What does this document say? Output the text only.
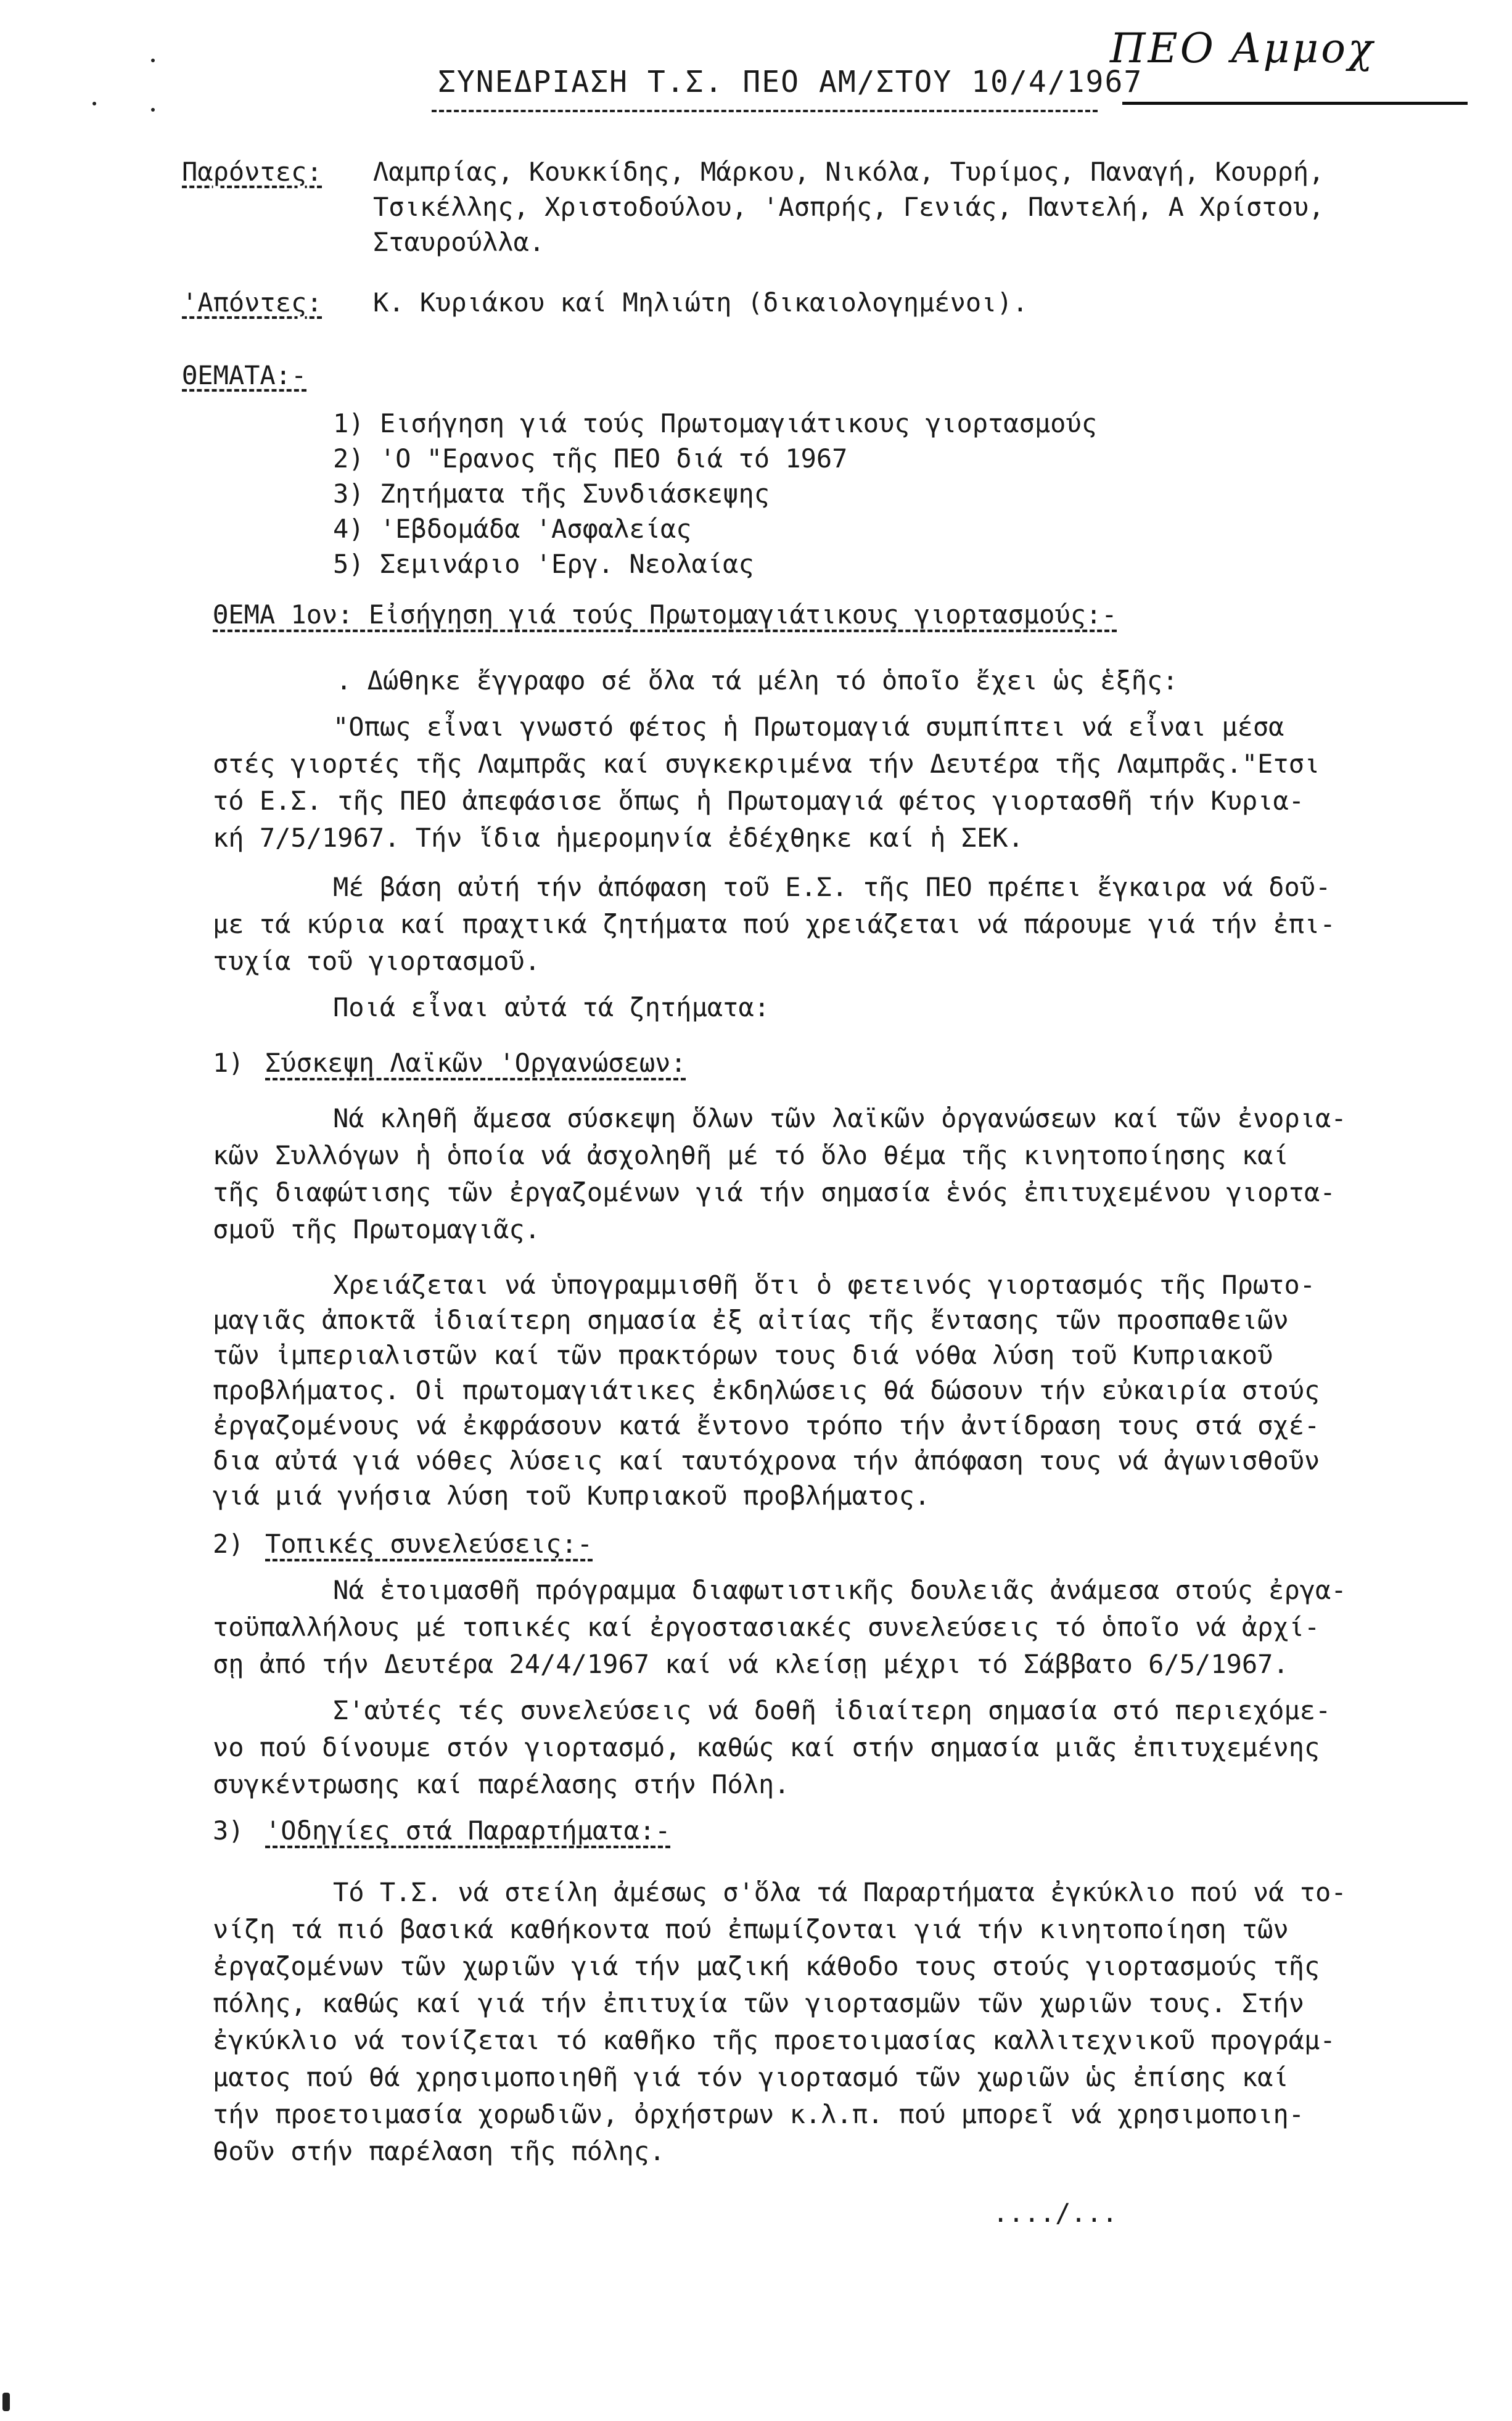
ΠΕΟ Αμμοχ
ΣΥΝΕΔΡΙΑΣΗ Τ.Σ. ΠΕΟ ΑΜ/ΣΤΟΥ 10/4/1967
Παρόντες: Λαμπρίας, Κουκκίδης, Μάρκου, Νικόλα, Τυρίμος, Παναγή, Κουρρή,
Τσικέλλης, Χριστοδούλου, 'Ασπρής, Γενιάς, Παντελή, Α Χρίστου,
Σταυρούλλα.
'Απόντες: Κ. Κυριάκου καί Μηλιώτη (δικαιολογημένοι).
ΘΕΜΑΤΑ:-
1) Εισήγηση γιά τούς Πρωτομαγιάτικους γιορτασμούς
2) 'Ο "Ερανος τῆς ΠΕΟ διά τό 1967
3) Ζητήματα τῆς Συνδιάσκεψης
4) 'Εβδομάδα 'Ασφαλείας
5) Σεμινάριο 'Εργ. Νεολαίας
ΘΕΜΑ 1ον: Εἰσήγηση γιά τούς Πρωτομαγιάτικους γιορτασμούς:-
. Δώθηκε ἔγγραφο σέ ὅλα τά μέλη τό ὁποῖο ἔχει ὡς ἑξῆς:
"Οπως εἶναι γνωστό φέτος ἡ Πρωτομαγιά συμπίπτει νά εἶναι μέσα
στές γιορτές τῆς Λαμπρᾶς καί συγκεκριμένα τήν Δευτέρα τῆς Λαμπρᾶς."Ετσι
τό Ε.Σ. τῆς ΠΕΟ ἀπεφάσισε ὅπως ἡ Πρωτομαγιά φέτος γιορτασθῆ τήν Κυρια-
κή 7/5/1967. Τήν ἴδια ἡμερομηνία ἐδέχθηκε καί ἡ ΣΕΚ.
Μέ βάση αὐτή τήν ἀπόφαση τοῦ Ε.Σ. τῆς ΠΕΟ πρέπει ἔγκαιρα νά δοῦ-
με τά κύρια καί πραχτικά ζητήματα πού χρειάζεται νά πάρουμε γιά τήν ἐπι-
τυχία τοῦ γιορτασμοῦ.
Ποιά εἶναι αὐτά τά ζητήματα:
1) Σύσκεψη Λαϊκῶν 'Οργανώσεων:
Νά κληθῆ ἄμεσα σύσκεψη ὅλων τῶν λαϊκῶν ὀργανώσεων καί τῶν ἐνορια-
κῶν Συλλόγων ἡ ὁποία νά ἀσχοληθῆ μέ τό ὅλο θέμα τῆς κινητοποίησης καί
τῆς διαφώτισης τῶν ἐργαζομένων γιά τήν σημασία ἑνός ἐπιτυχεμένου γιορτα-
σμοῦ τῆς Πρωτομαγιᾶς.
Χρειάζεται νά ὑπογραμμισθῆ ὅτι ὁ φετεινός γιορτασμός τῆς Πρωτο-
μαγιᾶς ἀποκτᾶ ἰδιαίτερη σημασία ἐξ αἰτίας τῆς ἔντασης τῶν προσπαθειῶν
τῶν ἰμπεριαλιστῶν καί τῶν πρακτόρων τους διά νόθα λύση τοῦ Κυπριακοῦ
προβλήματος. Οἱ πρωτομαγιάτικες ἐκδηλώσεις θά δώσουν τήν εὐκαιρία στούς
ἐργαζομένους νά ἐκφράσουν κατά ἔντονο τρόπο τήν ἀντίδραση τους στά σχέ-
δια αὐτά γιά νόθες λύσεις καί ταυτόχρονα τήν ἀπόφαση τους νά ἀγωνισθοῦν
γιά μιά γνήσια λύση τοῦ Κυπριακοῦ προβλήματος.
2) Τοπικές συνελεύσεις:-
Νά ἑτοιμασθῆ πρόγραμμα διαφωτιστικῆς δουλειᾶς ἀνάμεσα στούς ἐργα-
τοϋπαλλήλους μέ τοπικές καί ἐργοστασιακές συνελεύσεις τό ὁποῖο νά ἀρχί-
σῃ ἀπό τήν Δευτέρα 24/4/1967 καί νά κλείσῃ μέχρι τό Σάββατο 6/5/1967.
Σ'αὐτές τές συνελεύσεις νά δοθῆ ἰδιαίτερη σημασία στό περιεχόμε-
νο πού δίνουμε στόν γιορτασμό, καθώς καί στήν σημασία μιᾶς ἐπιτυχεμένης
συγκέντρωσης καί παρέλασης στήν Πόλη.
3) 'Οδηγίες στά Παραρτήματα:-
Τό Τ.Σ. νά στείλη ἀμέσως σ'ὅλα τά Παραρτήματα ἐγκύκλιο πού νά το-
νίζη τά πιό βασικά καθήκοντα πού ἐπωμίζονται γιά τήν κινητοποίηση τῶν
ἐργαζομένων τῶν χωριῶν γιά τήν μαζική κάθοδο τους στούς γιορτασμούς τῆς
πόλης, καθώς καί γιά τήν ἐπιτυχία τῶν γιορτασμῶν τῶν χωριῶν τους. Στήν
ἐγκύκλιο νά τονίζεται τό καθῆκο τῆς προετοιμασίας καλλιτεχνικοῦ προγράμ-
ματος πού θά χρησιμοποιηθῆ γιά τόν γιορτασμό τῶν χωριῶν ὡς ἐπίσης καί
τήν προετοιμασία χορωδιῶν, ὀρχήστρων κ.λ.π. πού μπορεῖ νά χρησιμοποιη-
θοῦν στήν παρέλαση τῆς πόλης.
..../...
